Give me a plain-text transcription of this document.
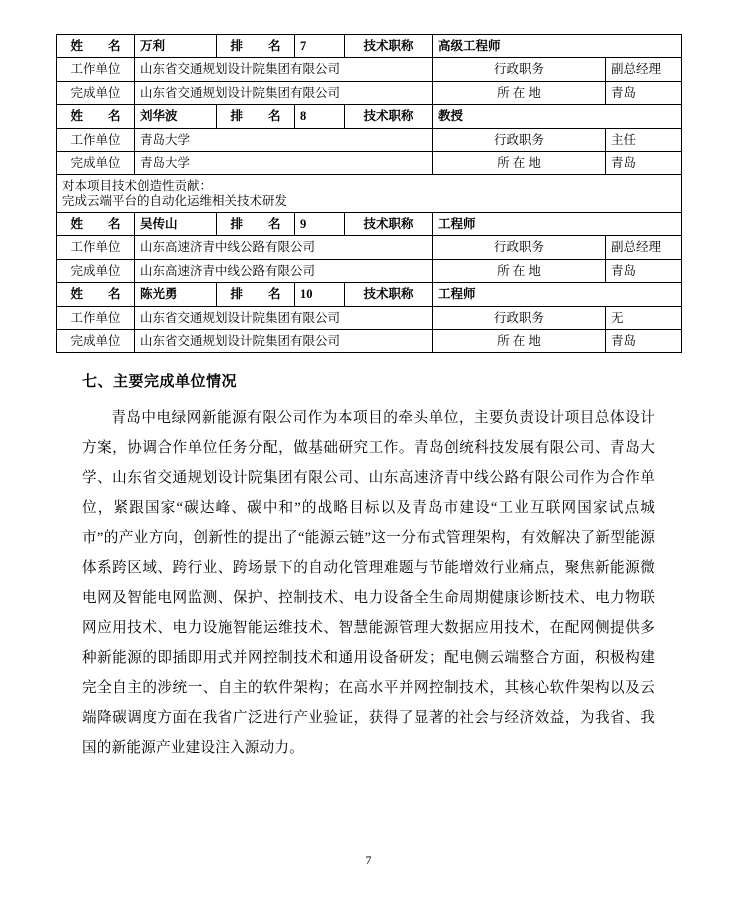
姓　　名	万利	排　　名	7	技术职称	高级工程师	
工作单位	山东省交通规划设计院集团有限公司				行政职务	副总经理
完成单位	山东省交通规划设计院集团有限公司				所 在 地	青岛
姓　　名	刘华波	排　　名	8	技术职称	教授	
工作单位	青岛大学				行政职务	主任
完成单位	青岛大学				所 在 地	青岛

对本项目技术创造性贡献：
完成云端平台的自动化运维相关技术研发						

姓　　名	吴传山	排　　名	9	技术职称	工程师	
工作单位	山东高速济青中线公路有限公司				行政职务	副总经理
完成单位	山东高速济青中线公路有限公司				所 在 地	青岛
姓　　名	陈光勇	排　　名	10	技术职称	工程师	
工作单位	山东省交通规划设计院集团有限公司				行政职务	无
完成单位	山东省交通规划设计院集团有限公司				所 在 地	青岛
七、主要完成单位情况

青岛中电绿网新能源有限公司作为本项目的牵头单位，主要负责设计项目总体设计方案，协调合作单位任务分配，做基础研究工作。青岛创统科技发展有限公司、青岛大学、山东省交通规划设计院集团有限公司、山东高速济青中线公路有限公司作为合作单位，紧跟国家“碳达峰、碳中和”的战略目标以及青岛市建设“工业互联网国家试点城市”的产业方向，创新性的提出了“能源云链”这一分布式管理架构，有效解决了新型能源体系跨区域、跨行业、跨场景下的自动化管理难题与节能增效行业痛点，聚焦新能源微电网及智能电网监测、保护、控制技术、电力设备全生命周期健康诊断技术、电力物联网应用技术、电力设施智能运维技术、智慧能源管理大数据应用技术，在配网侧提供多种新能源的即插即用式并网控制技术和通用设备研发；配电侧云端整合方面，积极构建完全自主的涉统一、自主的软件架构；在高水平并网控制技术，其核心软件架构以及云端降碳调度方面在我省广泛进行产业验证，获得了显著的社会与经济效益，为我省、我国的新能源产业建设注入源动力。

7
